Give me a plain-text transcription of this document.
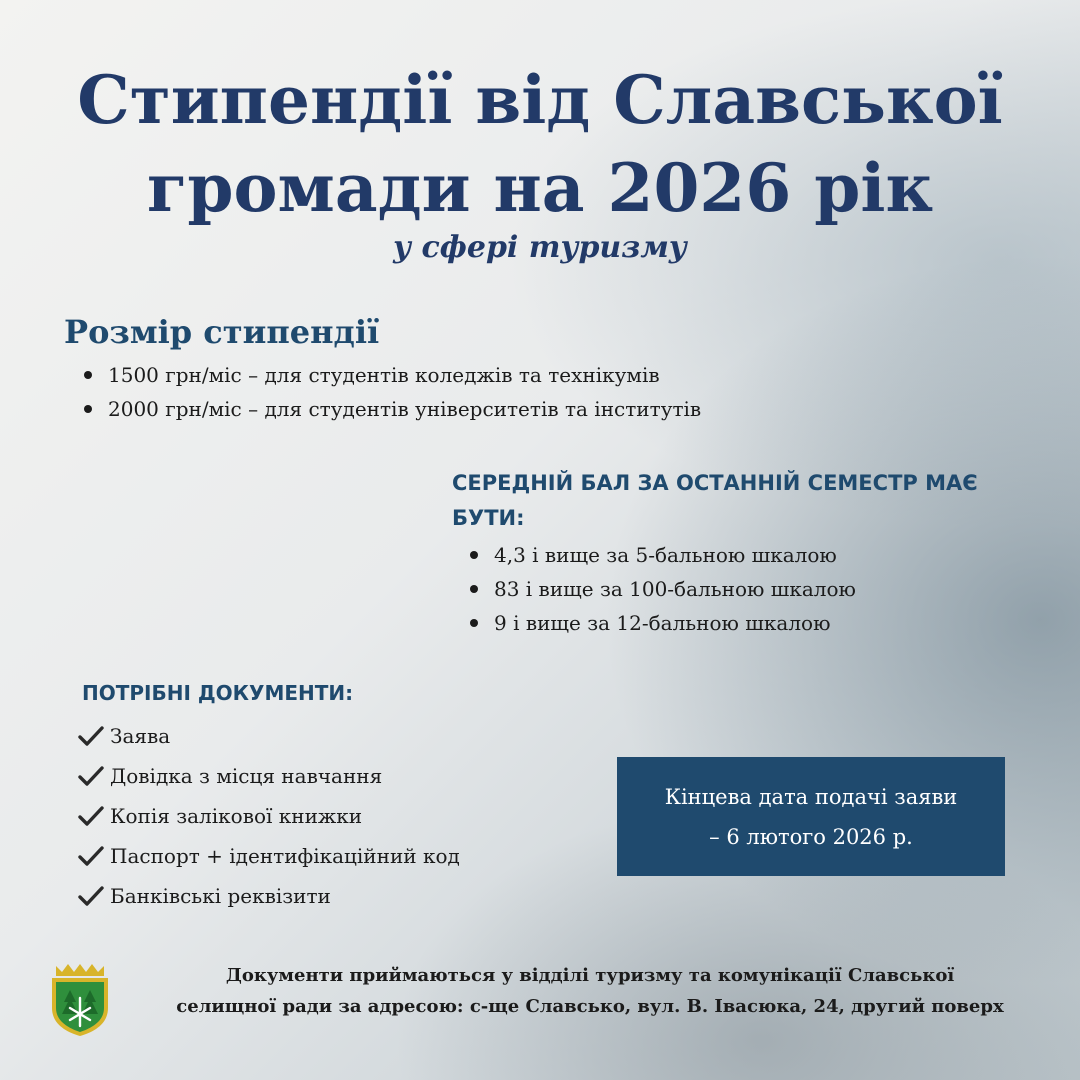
Стипендії від Славської
громади на 2026 рік
у сфері туризму
Розмір стипендії
1500 грн/міс – для студентів коледжів та технікумів
2000 грн/міс – для студентів університетів та інститутів
СЕРЕДНІЙ БАЛ ЗА ОСТАННІЙ СЕМЕСТР МАЄ
БУТИ:
4,3 і вище за 5-бальною шкалою
83 і вище за 100-бальною шкалою
9 і вище за 12-бальною шкалою
ПОТРІБНІ ДОКУМЕНТИ:
Заява
Довідка з місця навчання
Копія залікової книжки
Паспорт + ідентифікаційний код
Банківські реквізити
Кінцева дата подачі заяви
– 6 лютого 2026 р.
Документи приймаються у відділі туризму та комунікації Славської
селищної ради за адресою: с-ще Славсько, вул. В. Івасюка, 24, другий поверх
